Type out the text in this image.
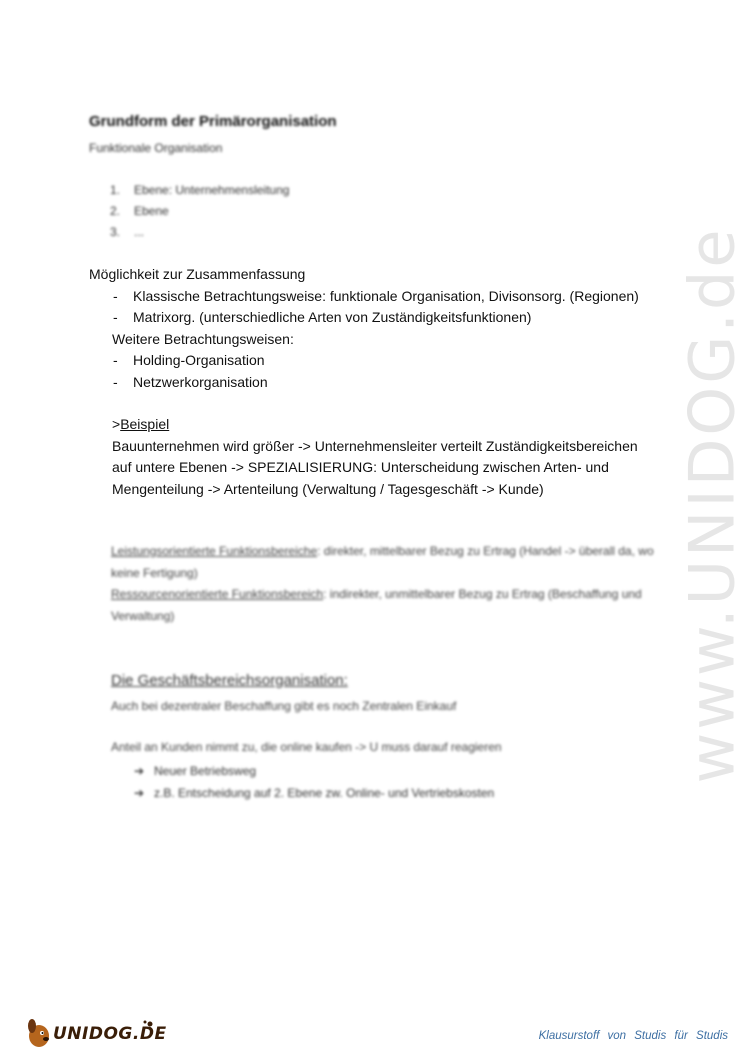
www.UNIDOG.de
Grundform der Primärorganisation
Funktionale Organisation
1. Ebene: Unternehmensleitung
2. Ebene
3. ...
Möglichkeit zur Zusammenfassung
- Klassische Betrachtungsweise: funktionale Organisation, Divisonsorg. (Regionen)
- Matrixorg. (unterschiedliche Arten von Zuständigkeitsfunktionen)
Weitere Betrachtungsweisen:
- Holding-Organisation
- Netzwerkorganisation
>Beispiel
Bauunternehmen wird größer -> Unternehmensleiter verteilt Zuständigkeitsbereichen
auf untere Ebenen -> SPEZIALISIERUNG: Unterscheidung zwischen Arten- und
Mengenteilung -> Artenteilung (Verwaltung / Tagesgeschäft -> Kunde)
Leistungsorientierte Funktionsbereiche: direkter, mittelbarer Bezug zu Ertrag (Handel -> überall da, wo keine Fertigung)
Ressourcenorientierte Funktionsbereich: indirekter, unmittelbarer Bezug zu Ertrag (Beschaffung und Verwaltung)
Die Geschäftsbereichsorganisation:
Auch bei dezentraler Beschaffung gibt es noch Zentralen Einkauf
Anteil an Kunden nimmt zu, die online kaufen -> U muss darauf reagieren
➔ Neuer Betriebsweg
➔ z.B. Entscheidung auf 2. Ebene zw. Online- und Vertriebskosten
UNIDOG.DE	Klausurstoff von Studis für Studis
